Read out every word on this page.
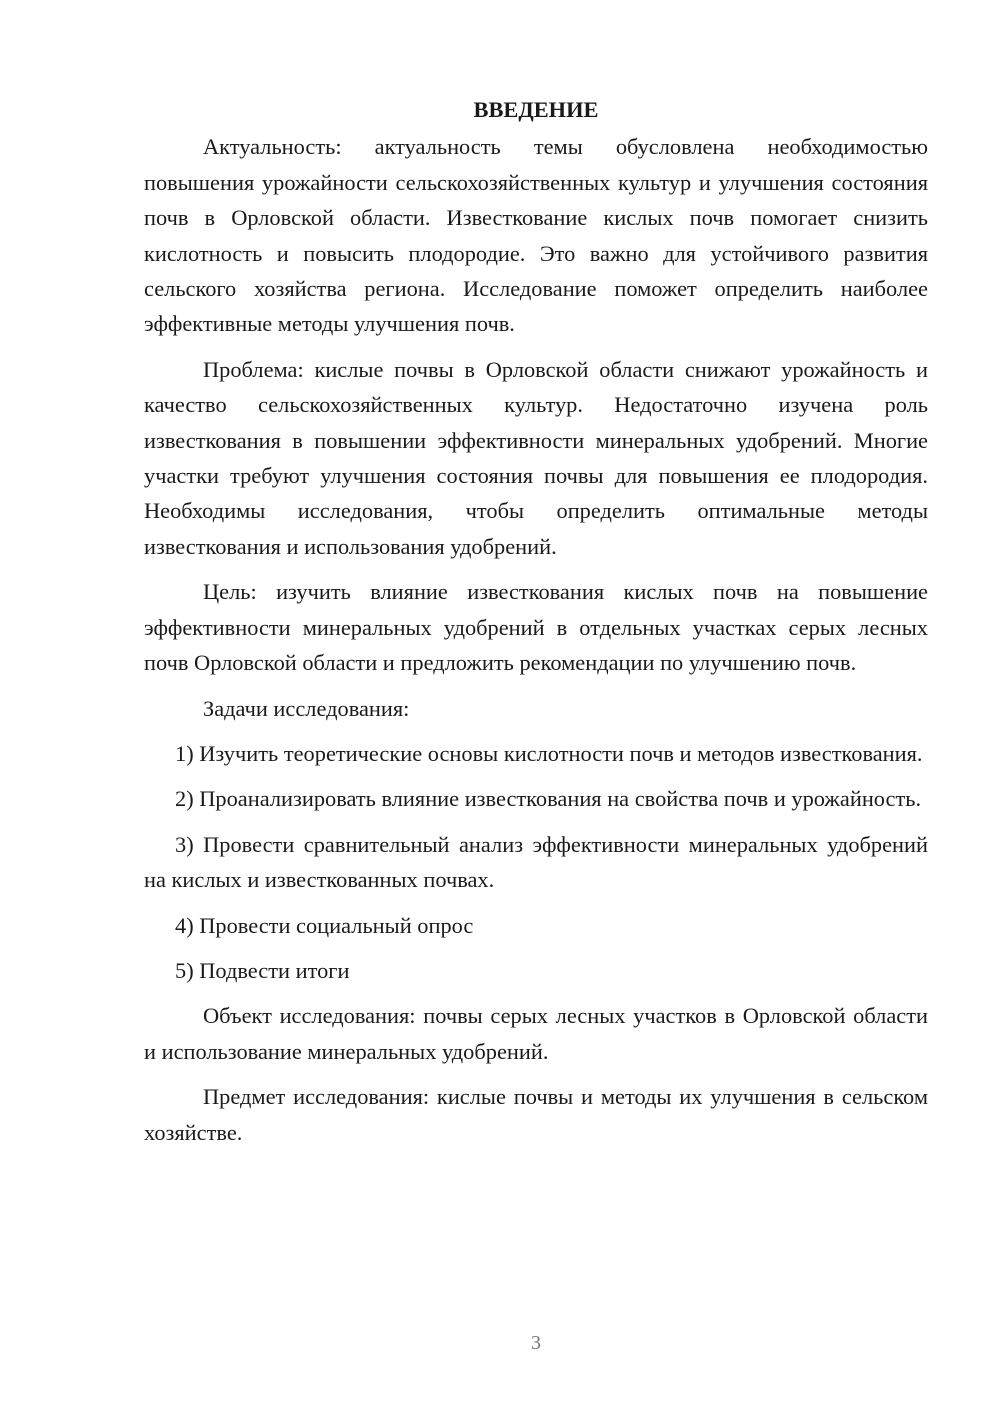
ВВЕДЕНИЕ

Актуальность: актуальность темы обусловлена необходимостью повышения урожайности сельскохозяйственных культур и улучшения состояния почв в Орловской области. Известкование кислых почв помогает снизить кислотность и повысить плодородие. Это важно для устойчивого развития сельского хозяйства региона. Исследование поможет определить наиболее эффективные методы улучшения почв.

Проблема: кислые почвы в Орловской области снижают урожайность и качество сельскохозяйственных культур. Недостаточно изучена роль известкования в повышении эффективности минеральных удобрений. Многие участки требуют улучшения состояния почвы для повышения ее плодородия. Необходимы исследования, чтобы определить оптимальные методы известкования и использования удобрений.

Цель: изучить влияние известкования кислых почв на повышение эффективности минеральных удобрений в отдельных участках серых лесных почв Орловской области и предложить рекомендации по улучшению почв.

Задачи исследования:

1) Изучить теоретические основы кислотности почв и методов известкования.

2) Проанализировать влияние известкования на свойства почв и урожайность.

3) Провести сравнительный анализ эффективности минеральных удобрений на кислых и известкованных почвах.

4) Провести социальный опрос

5) Подвести итоги

Объект исследования: почвы серых лесных участков в Орловской области и использование минеральных удобрений.

Предмет исследования: кислые почвы и методы их улучшения в сельском хозяйстве.

3
